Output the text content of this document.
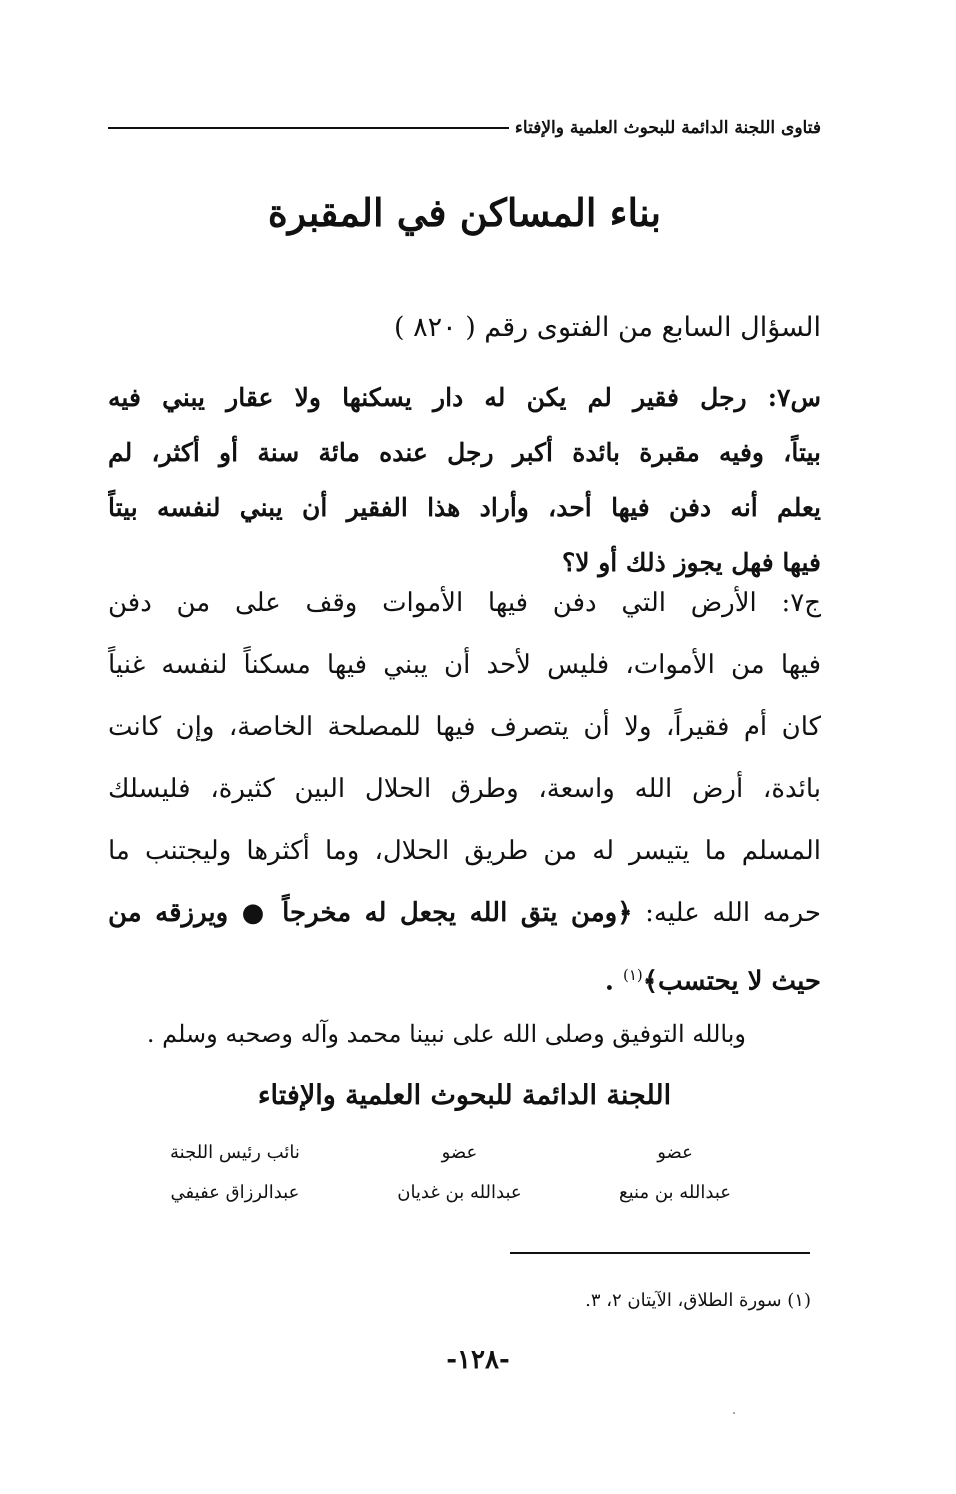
فتاوى اللجنة الدائمة للبحوث العلمية والإفتاء
بناء المساكن في المقبرة
السؤال السابع من الفتوى رقم ( ٨٢٠ )
س٧: رجل فقير لم يكن له دار يسكنها ولا عقار يبني فيه
بيتاً، وفيه مقبرة بائدة أكبر رجل عنده مائة سنة أو أكثر، لم
يعلم أنه دفن فيها أحد، وأراد هذا الفقير أن يبني لنفسه بيتاً
فيها فهل يجوز ذلك أو لا؟
ج٧: الأرض التي دفن فيها الأموات وقف على من دفن
فيها من الأموات، فليس لأحد أن يبني فيها مسكناً لنفسه غنياً
كان أم فقيراً، ولا أن يتصرف فيها للمصلحة الخاصة، وإن كانت
بائدة، أرض الله واسعة، وطرق الحلال البين كثيرة، فليسلك
المسلم ما يتيسر له من طريق الحلال، وما أكثرها وليجتنب ما
حرمه الله عليه: ﴿ومن يتق الله يجعل له مخرجاً ● ويرزقه من
حيث لا يحتسب﴾$^{(١)}$ .
وبالله التوفيق وصلى الله على نبينا محمد وآله وصحبه وسلم .
اللجنة الدائمة للبحوث العلمية والإفتاء
عضو
عبدالله بن منيع
عضو
عبدالله بن غديان
نائب رئيس اللجنة
عبدالرزاق عفيفي
(١) سورة الطلاق، الآيتان ٢، ٣.
-١٢٨-
